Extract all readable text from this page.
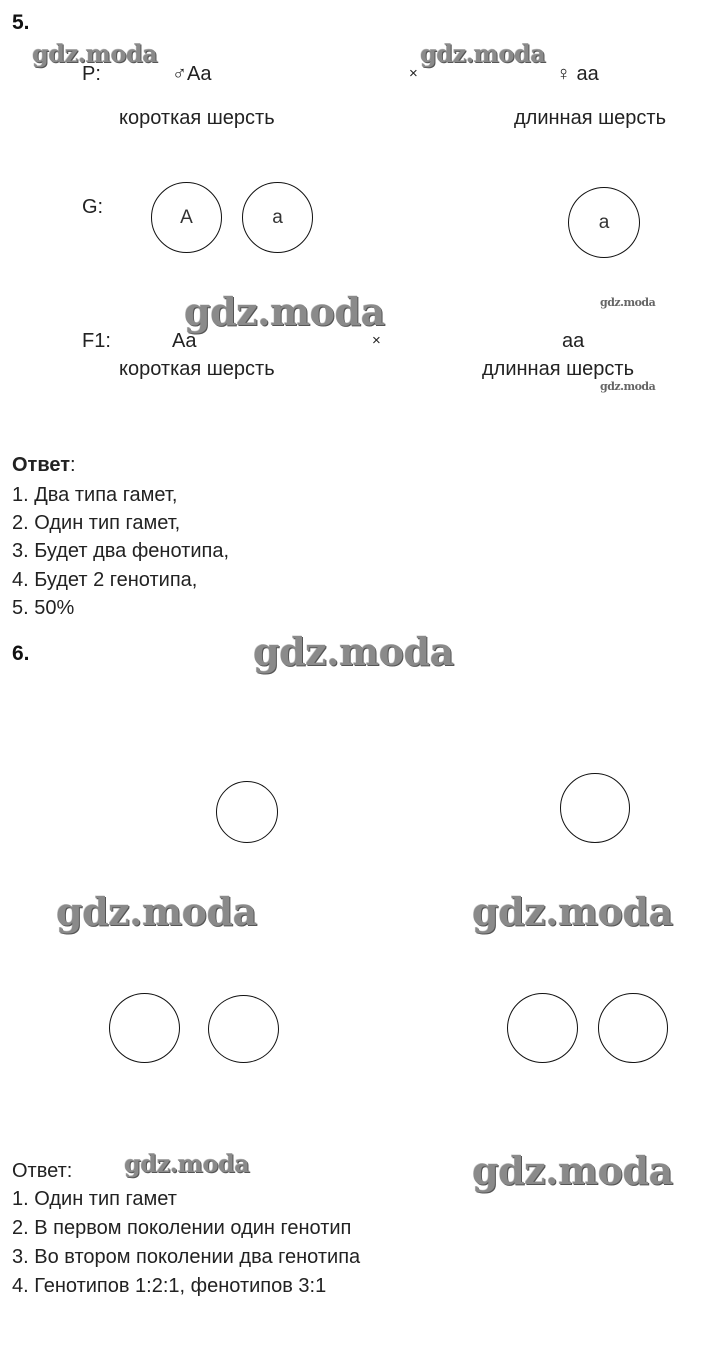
5.
P:	♂Aa	×	♀ aa
короткая шерсть	длинная шерсть
G:	A	a	a
F1:	Aa	×	aa
короткая шерсть	длинная шерсть
Ответ:
1. Два типа гамет,
2. Один тип гамет,
3. Будет два фенотипа,
4. Будет 2 генотипа,
5. 50%
6.
Ответ:
1. Один тип гамет
2. В первом поколении один генотип
3. Во втором поколении два генотипа
4. Генотипов 1:2:1, фенотипов 3:1
gdz.moda	gdz.moda
gdz.moda	gdz.moda
gdz.moda
gdz.moda
gdz.moda	gdz.moda
gdz.moda	gdz.moda
